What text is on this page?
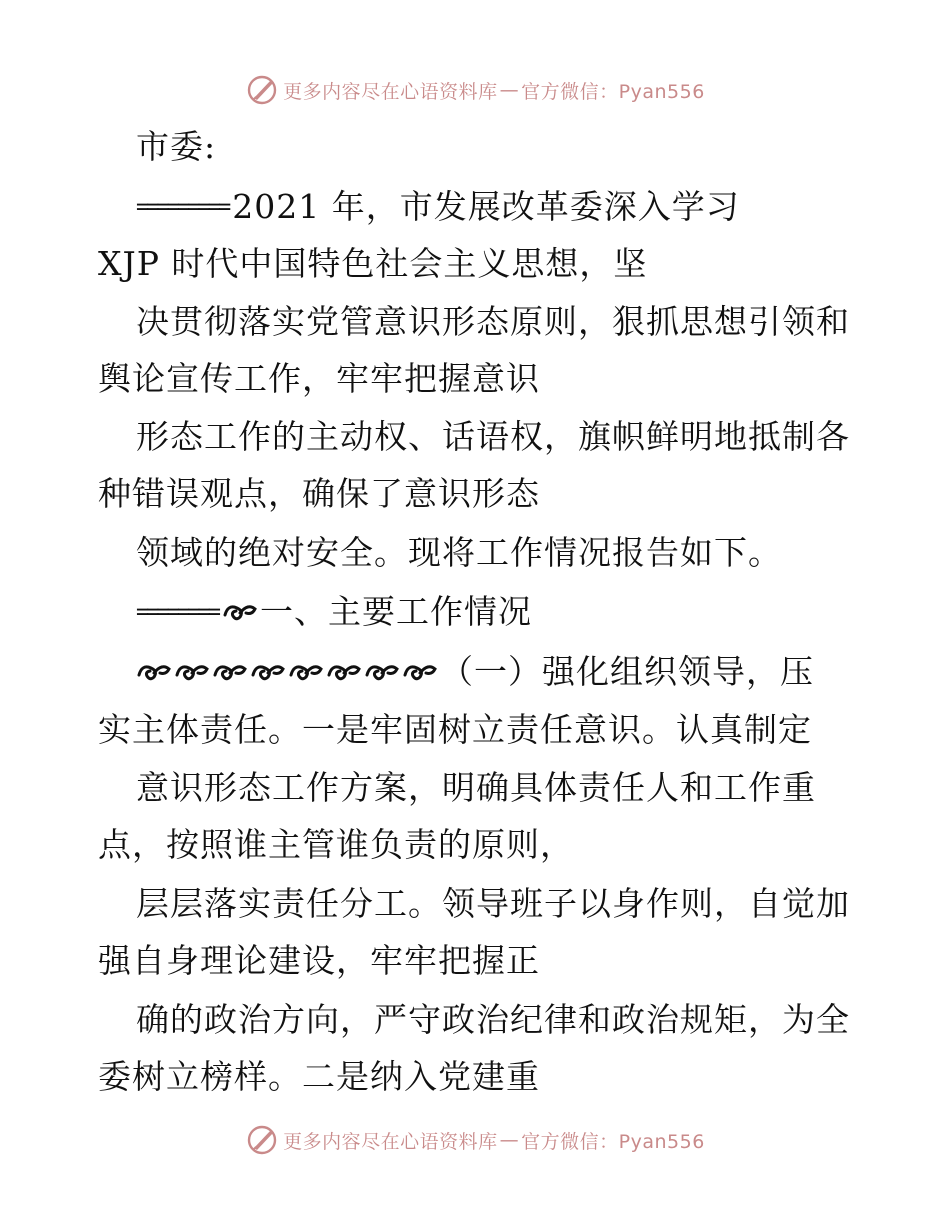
更多内容尽在心语资料库 — 官方微信：Pyan556
市委:
========= 2021 年，市发展改革委深入学习
XJP 时代中国特色社会主义思想，坚
决贯彻落实党管意识形态原则，狠抓思想引领和
舆论宣传工作，牢牢把握意识
形态工作的主动权、话语权，旗帜鲜明地抵制各
种错误观点，确保了意识形态
领域的绝对安全。现将工作情况报告如下。
======== 一、主要工作情况
（一）强化组织领导，压
实主体责任。一是牢固树立责任意识。认真制定
意识形态工作方案，明确具体责任人和工作重
点，按照谁主管谁负责的原则，
层层落实责任分工。领导班子以身作则，自觉加
强自身理论建设，牢牢把握正
确的政治方向，严守政治纪律和政治规矩，为全
委树立榜样。二是纳入党建重
更多内容尽在心语资料库 — 官方微信：Pyan556
